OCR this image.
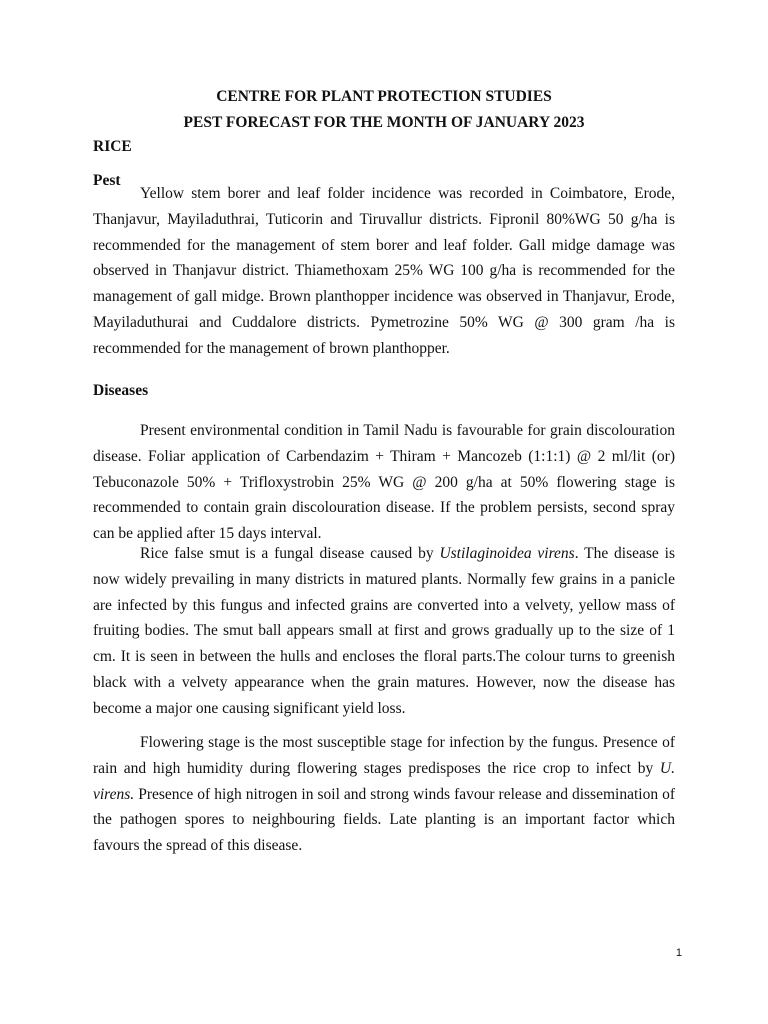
CENTRE FOR PLANT PROTECTION STUDIES
PEST FORECAST FOR THE MONTH OF JANUARY 2023
RICE
Pest

Yellow stem borer and leaf folder incidence was recorded in Coimbatore, Erode, Thanjavur, Mayiladuthrai, Tuticorin and Tiruvallur districts. Fipronil 80%WG 50 g/ha is recommended for the management of stem borer and leaf folder. Gall midge damage was observed in Thanjavur district. Thiamethoxam 25% WG 100 g/ha is recommended for the management of gall midge. Brown planthopper incidence was observed in Thanjavur, Erode, Mayiladuthurai and Cuddalore districts. Pymetrozine 50% WG @ 300 gram /ha is recommended for the management of brown planthopper.

Diseases

Present environmental condition in Tamil Nadu is favourable for grain discolouration disease. Foliar application of Carbendazim + Thiram + Mancozeb (1:1:1) @ 2 ml/lit (or) Tebuconazole 50% + Trifloxystrobin 25% WG @ 200 g/ha at 50% flowering stage is recommended to contain grain discolouration disease. If the problem persists, second spray can be applied after 15 days interval.

Rice false smut is a fungal disease caused by Ustilaginoidea virens. The disease is now widely prevailing in many districts in matured plants. Normally few grains in a panicle are infected by this fungus and infected grains are converted into a velvety, yellow mass of fruiting bodies. The smut ball appears small at first and grows gradually up to the size of 1 cm. It is seen in between the hulls and encloses the floral parts.The colour turns to greenish black with a velvety appearance when the grain matures. However, now the disease has become a major one causing significant yield loss.

Flowering stage is the most susceptible stage for infection by the fungus. Presence of rain and high humidity during flowering stages predisposes the rice crop to infect by U. virens. Presence of high nitrogen in soil and strong winds favour release and dissemination of the pathogen spores to neighbouring fields. Late planting is an important factor which favours the spread of this disease.

1
